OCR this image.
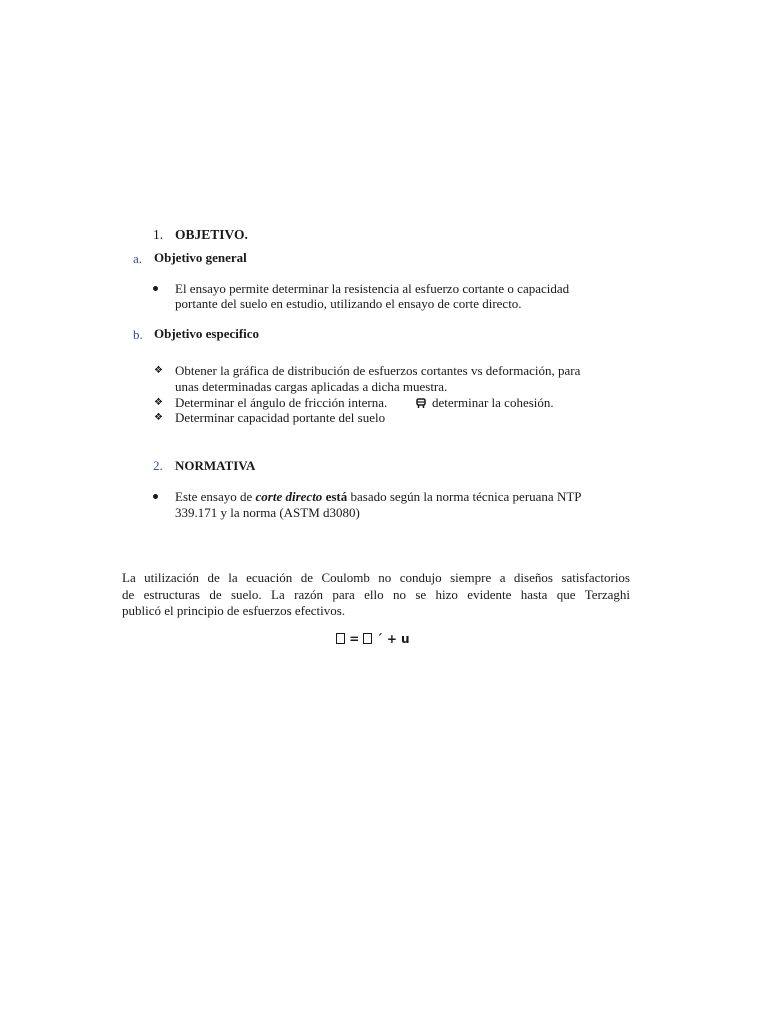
1. OBJETIVO.
a. Objetivo general
El ensayo permite determinar la resistencia al esfuerzo cortante o capacidad
portante del suelo en estudio, utilizando el ensayo de corte directo.
b. Objetivo especifico
❖ Obtener la gráfica de distribución de esfuerzos cortantes vs deformación, para
unas determinadas cargas aplicadas a dicha muestra.
❖ Determinar el ángulo de fricción interna.	determinar la cohesión.
❖ Determinar capacidad portante del suelo
2. NORMATIVA
Este ensayo de corte directo está basado según la norma técnica peruana NTP
339.171 y la norma (ASTM d3080)
La utilización de la ecuación de Coulomb no condujo siempre a diseños satisfactorios
de estructuras de suelo. La razón para ello no se hizo evidente hasta que Terzaghi
publicó el principio de esfuerzos efectivos.
= ´ + u
